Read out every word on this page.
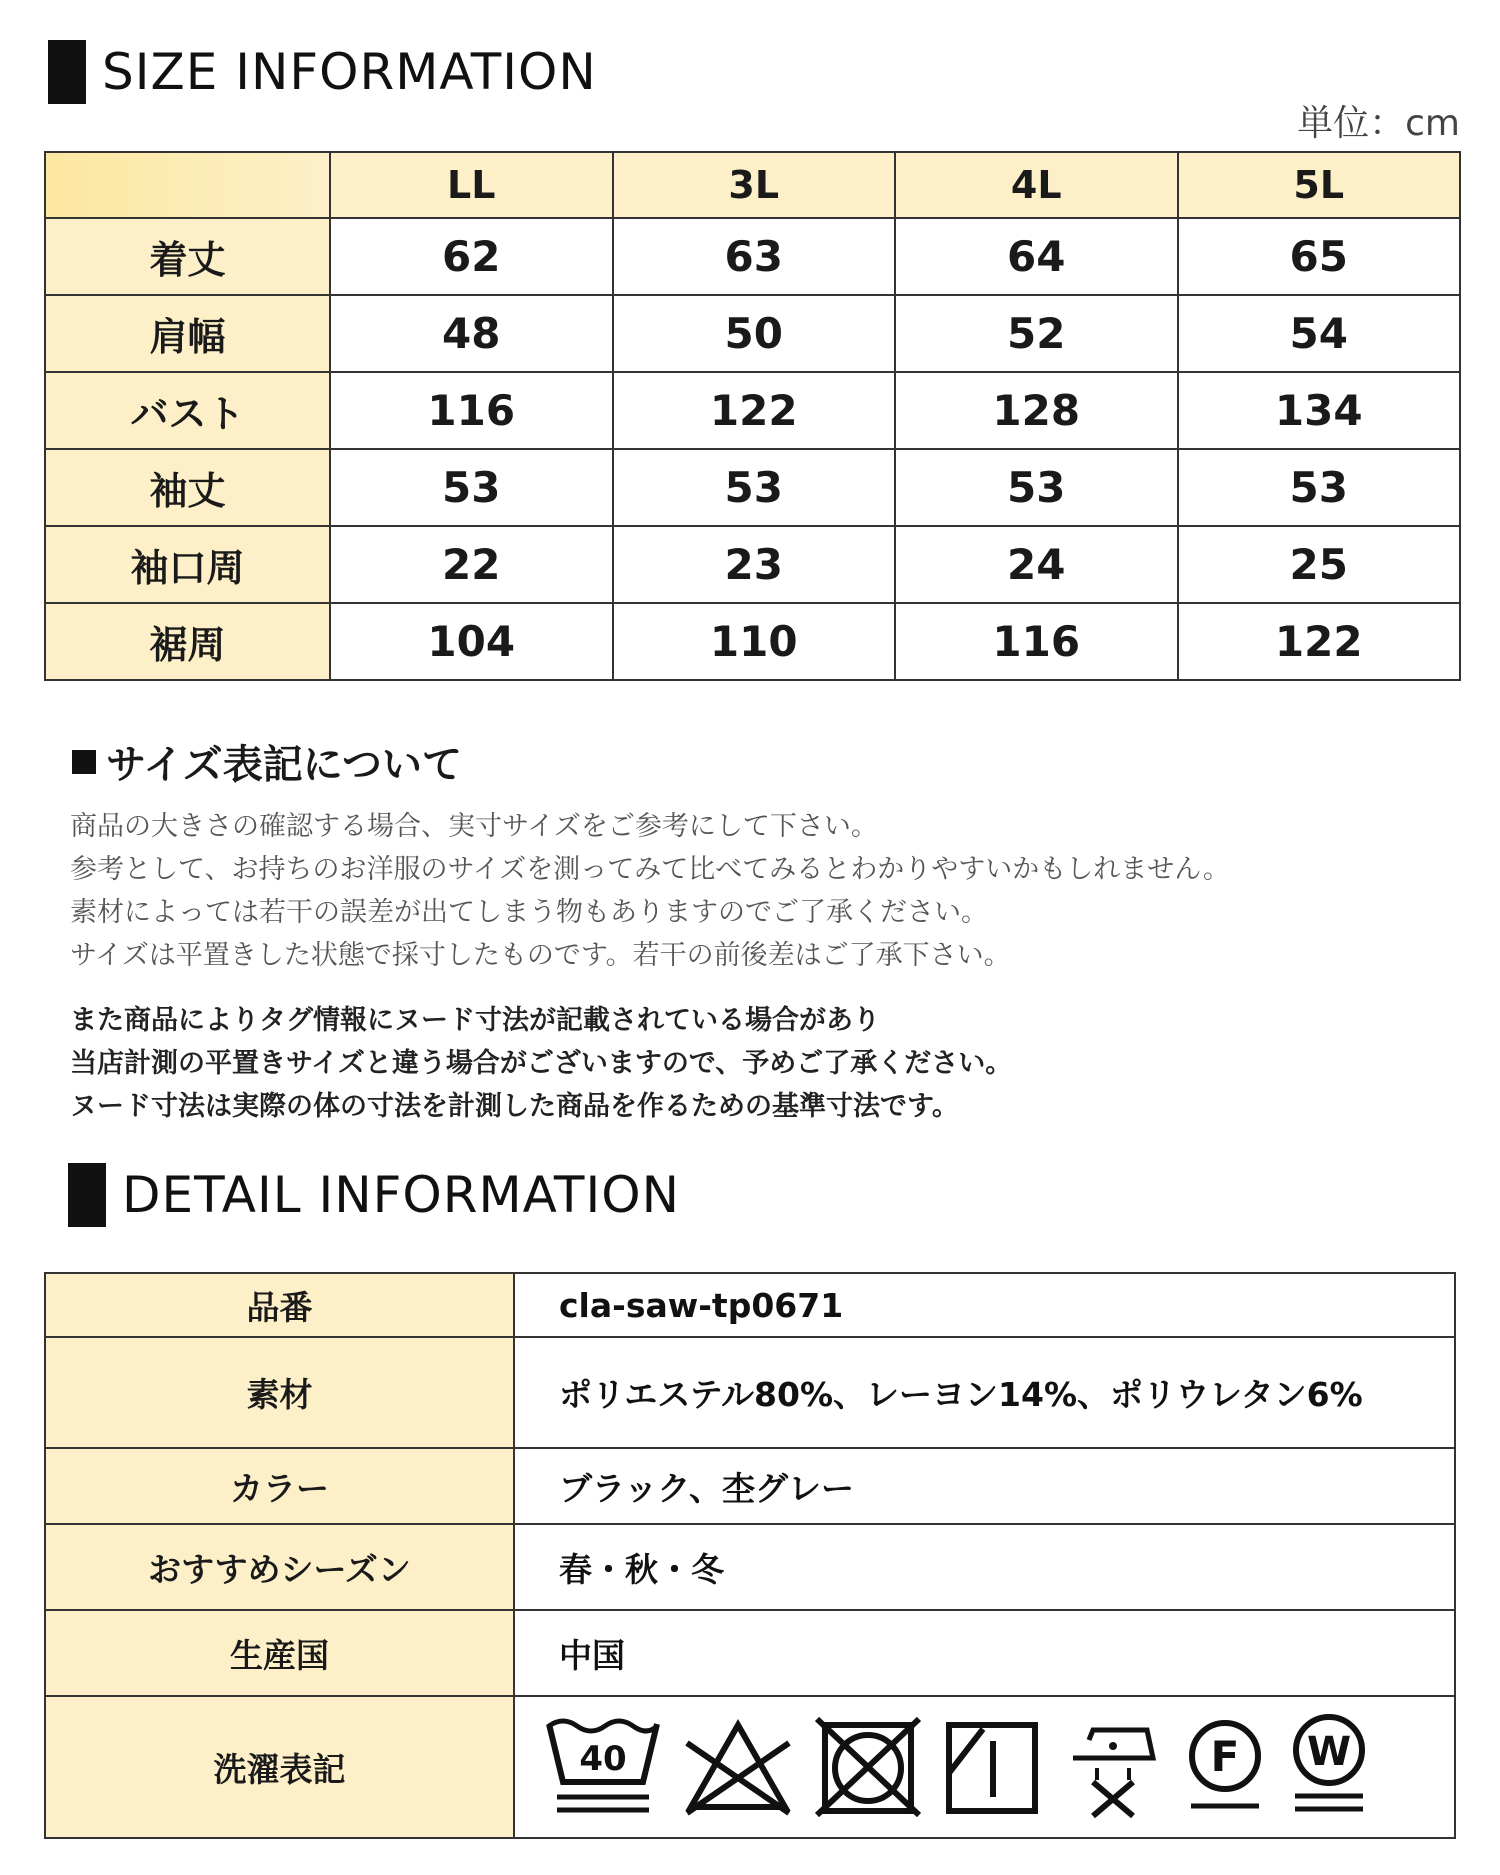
SIZE INFORMATION
単位：cm
	LL	3L	4L	5L
着丈	62	63	64	65
肩幅	48	50	52	54
バスト	116	122	128	134
袖丈	53	53	53	53
袖口周	22	23	24	25
裾周	104	110	116	122
サイズ表記について

商品の大きさの確認する場合、実寸サイズをご参考にして下さい。

参考として、お持ちのお洋服のサイズを測ってみて比べてみるとわかりやすいかもしれません。

素材によっては若干の誤差が出てしまう物もありますのでご了承ください。

サイズは平置きした状態で採寸したものです。若干の前後差はご了承下さい。

また商品によりタグ情報にヌード寸法が記載されている場合があり

当店計測の平置きサイズと違う場合がございますので、予めご了承ください。

ヌード寸法は実際の体の寸法を計測した商品を作るための基準寸法です。

DETAIL INFORMATION
品番	cla-saw-tp0671
素材	ポリエステル80%、レーヨン14%、ポリウレタン6%
カラー	ブラック、杢グレー
おすすめシーズン	春・秋・冬
生産国	中国
洗濯表記	40 F W
